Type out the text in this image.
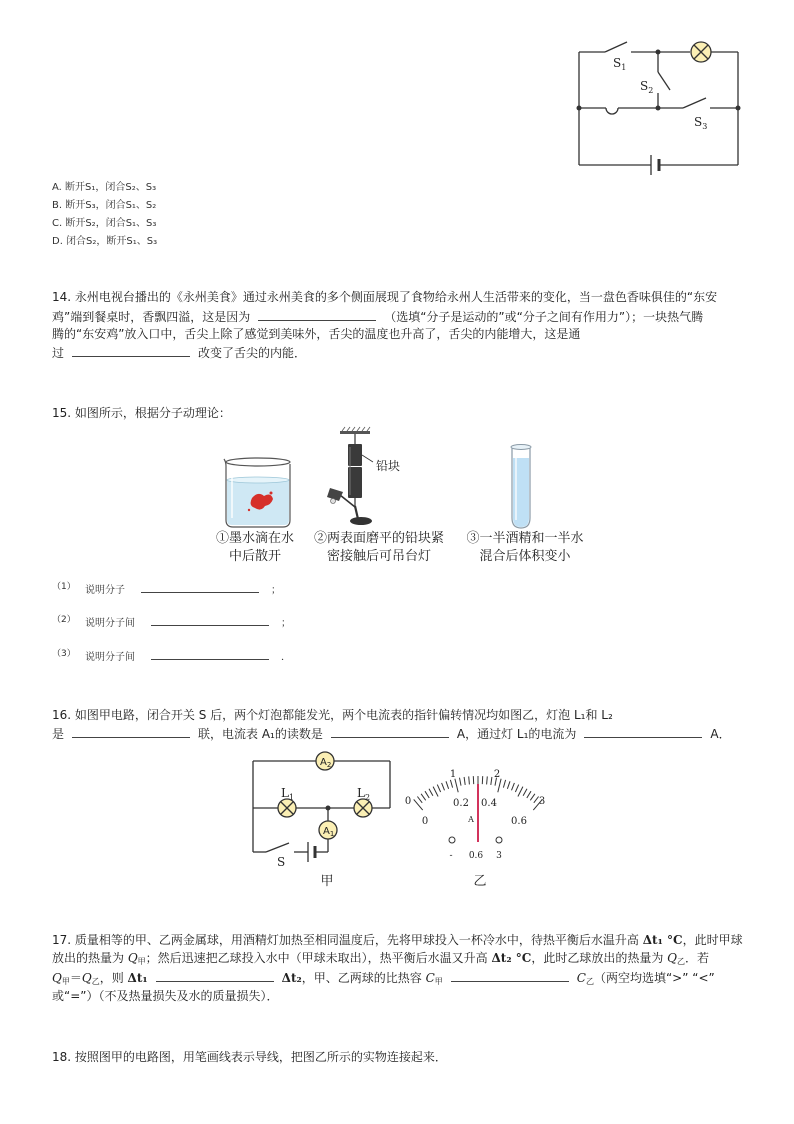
$S_1$
$S_2$
$S_3$
A. 断开S₁，闭合S₂、S₃
B. 断开S₃，闭合S₁、S₂
C. 断开S₂，闭合S₁、S₃
D. 闭合S₂，断开S₁、S₃
14. 永州电视台播出的《永州美食》通过永州美食的多个侧面展现了食物给永州人生活带来的变化，当一盘色香味俱佳的“东安
鸡”端到餐桌时，香飘四溢，这是因为	（选填“分子是运动的”或“分子之间有作用力”）；一块热气腾
腾的“东安鸡”放入口中，舌尖上除了感觉到美味外，舌尖的温度也升高了，舌尖的内能增大，这是通
过	改变了舌尖的内能．
15. 如图所示，根据分子动理论：
铅块
①墨水滴在水
中后散开
②两表面磨平的铅块紧
密接触后可吊台灯
③一半酒精和一半水
混合后体积变小
（1） 说明分子	；
（2） 说明分子间	；
（3） 说明分子间	．
16. 如图甲电路，闭合开关 S 后，两个灯泡都能发光，两个电流表的指针偏转情况均如图乙，灯泡 L₁和 L₂
是	联，电流表 A₁的读数是	A，通过灯 L₁的电流为	A．
$A_2$
$A_1$
$L_1$	$L_2$
S
甲
0
1	2
3
0
0.2 0.4
0.6
A
- 0.6 3
乙
17. 质量相等的甲、乙两金属球，用酒精灯加热至相同温度后，先将甲球投入一杯冷水中，待热平衡后水温升高 Δt₁ °C，此时甲球
放出的热量为 $Q_甲$；然后迅速把乙球投入水中（甲球未取出），热平衡后水温又升高 Δt₂ °C，此时乙球放出的热量为 $Q_乙$．若
$Q_甲=Q_乙$，则 Δt₁	Δt₂，甲、乙两球的比热容 $C_甲$	$C_乙$（两空均选填“>” “<”
或“=”）（不及热量损失及水的质量损失）．
18. 按照图甲的电路图，用笔画线表示导线，把图乙所示的实物连接起来．
